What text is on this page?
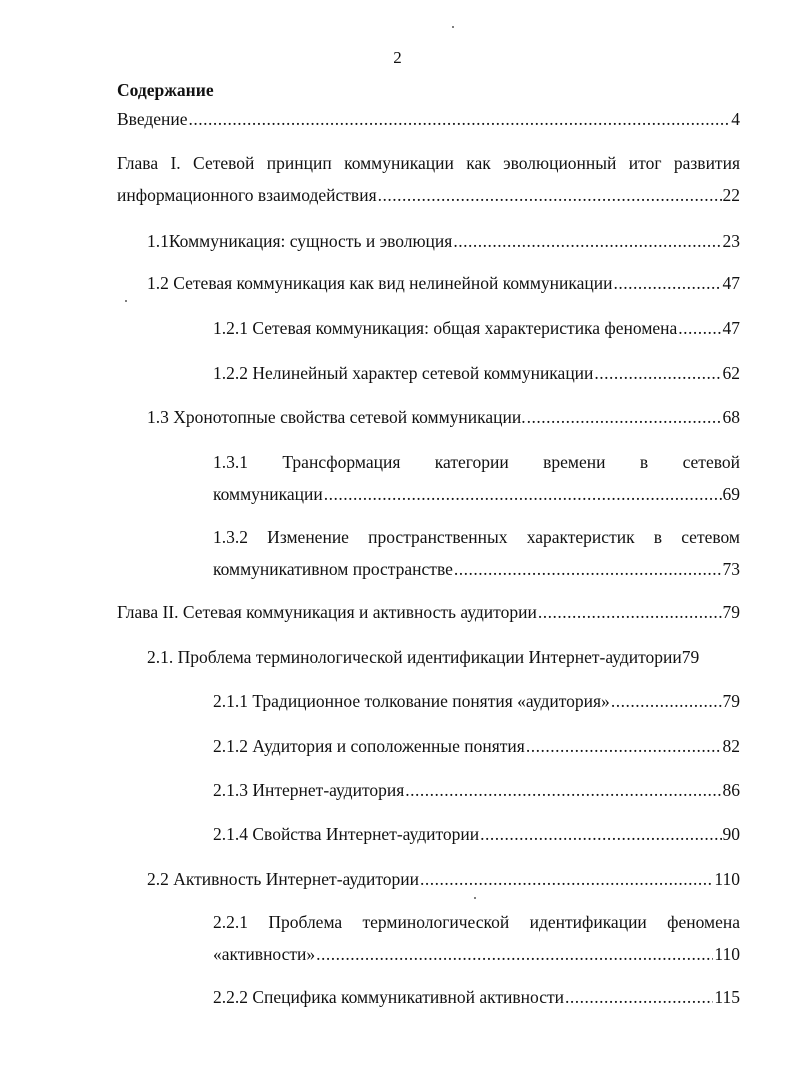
2
Содержание
Введение .....	4
Глава I. Сетевой принцип коммуникации как эволюционный итог развития
информационного взаимодействия .....	22
1.1Коммуникация: сущность и эволюция .....	23
1.2 Сетевая коммуникация как вид нелинейной коммуникации .....	47
1.2.1 Сетевая коммуникация: общая характеристика феномена .....	47
1.2.2 Нелинейный характер сетевой коммуникации .....	62
1.3 Хронотопные свойства сетевой коммуникации. .....	68
1.3.1 Трансформация категории времени в сетевой
коммуникации .....	69
1.3.2 Изменение пространственных характеристик в сетевом
коммуникативном пространстве .....	73
Глава II. Сетевая коммуникация и активность аудитории .....	79
2.1. Проблема терминологической идентификации Интернет-аудитории 79
2.1.1 Традиционное толкование понятия «аудитория» .....	79
2.1.2 Аудитория и соположенные понятия .....	82
2.1.3 Интернет-аудитория .....	86
2.1.4 Свойства Интернет-аудитории .....	90
2.2 Активность Интернет-аудитории .....	110
2.2.1 Проблема терминологической идентификации феномена
«активности» .....	110
2.2.2 Специфика коммуникативной активности .....	115
